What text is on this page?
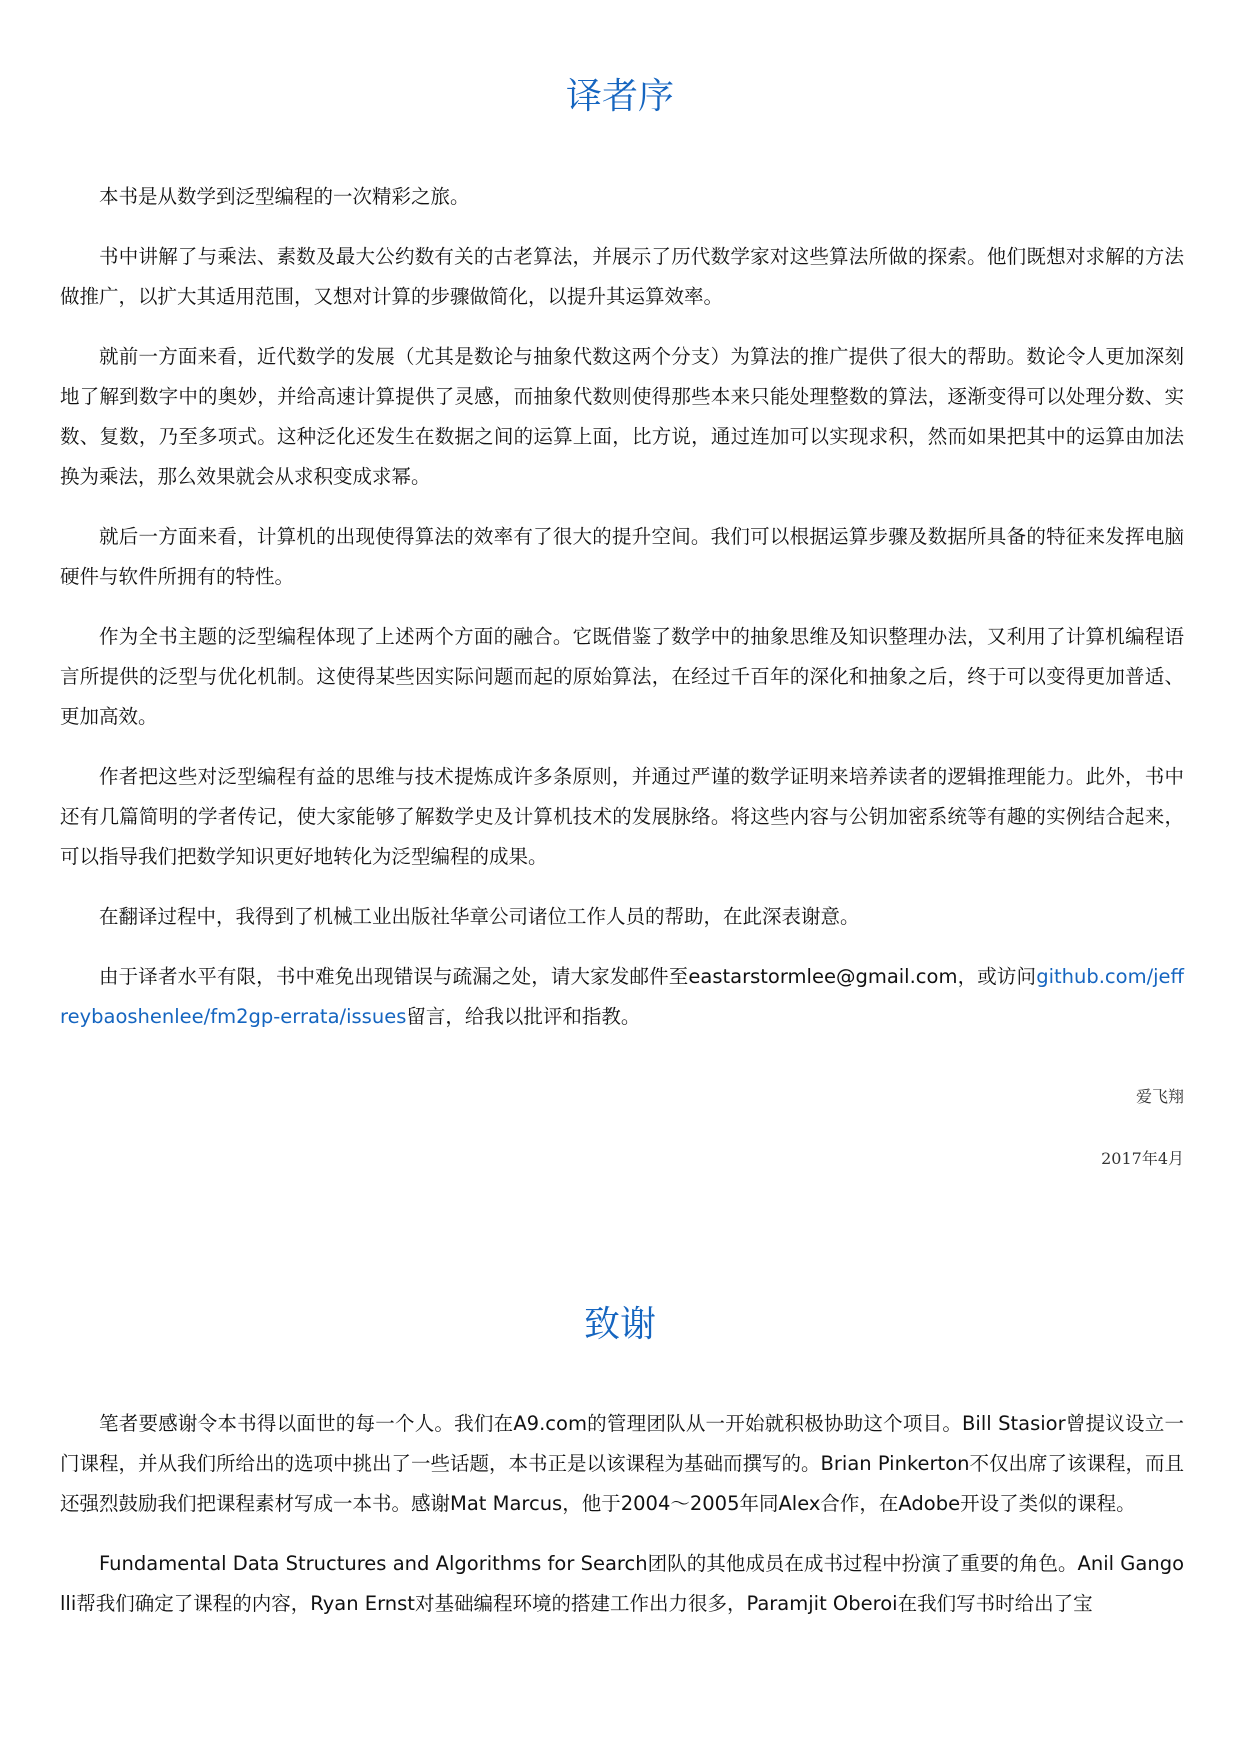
译者序

本书是从数学到泛型编程的一次精彩之旅。

书中讲解了与乘法、素数及最大公约数有关的古老算法，并展示了历代数学家对这些算法所做的探索。他们既想对求解的方法做推广，以扩大其适用范围，又想对计算的步骤做简化，以提升其运算效率。

就前一方面来看，近代数学的发展（尤其是数论与抽象代数这两个分支）为算法的推广提供了很大的帮助。数论令人更加深刻地了解到数字中的奥妙，并给高速计算提供了灵感，而抽象代数则使得那些本来只能处理整数的算法，逐渐变得可以处理分数、实数、复数，乃至多项式。这种泛化还发生在数据之间的运算上面，比方说，通过连加可以实现求积，然而如果把其中的运算由加法换为乘法，那么效果就会从求积变成求幂。

就后一方面来看，计算机的出现使得算法的效率有了很大的提升空间。我们可以根据运算步骤及数据所具备的特征来发挥电脑硬件与软件所拥有的特性。

作为全书主题的泛型编程体现了上述两个方面的融合。它既借鉴了数学中的抽象思维及知识整理办法，又利用了计算机编程语言所提供的泛型与优化机制。这使得某些因实际问题而起的原始算法，在经过千百年的深化和抽象之后，终于可以变得更加普适、更加高效。

作者把这些对泛型编程有益的思维与技术提炼成许多条原则，并通过严谨的数学证明来培养读者的逻辑推理能力。此外，书中还有几篇简明的学者传记，使大家能够了解数学史及计算机技术的发展脉络。将这些内容与公钥加密系统等有趣的实例结合起来，可以指导我们把数学知识更好地转化为泛型编程的成果。

在翻译过程中，我得到了机械工业出版社华章公司诸位工作人员的帮助，在此深表谢意。

由于译者水平有限，书中难免出现错误与疏漏之处，请大家发邮件至eastarstormlee@gmail.com，或访问github.com/jeffreybaoshenlee/fm2gp-errata/issues留言，给我以批评和指教。

爱飞翔
2017年4月
致谢

笔者要感谢令本书得以面世的每一个人。我们在A9.com的管理团队从一开始就积极协助这个项目。Bill Stasior曾提议设立一门课程，并从我们所给出的选项中挑出了一些话题，本书正是以该课程为基础而撰写的。Brian Pinkerton不仅出席了该课程，而且还强烈鼓励我们把课程素材写成一本书。感谢Mat Marcus，他于2004～2005年同Alex合作，在Adobe开设了类似的课程。

Fundamental Data Structures and Algorithms for Search团队的其他成员在成书过程中扮演了重要的角色。Anil Gangolli帮我们确定了课程的内容，Ryan Ernst对基础编程环境的搭建工作出力很多，Paramjit Oberoi在我们写书时给出了宝
